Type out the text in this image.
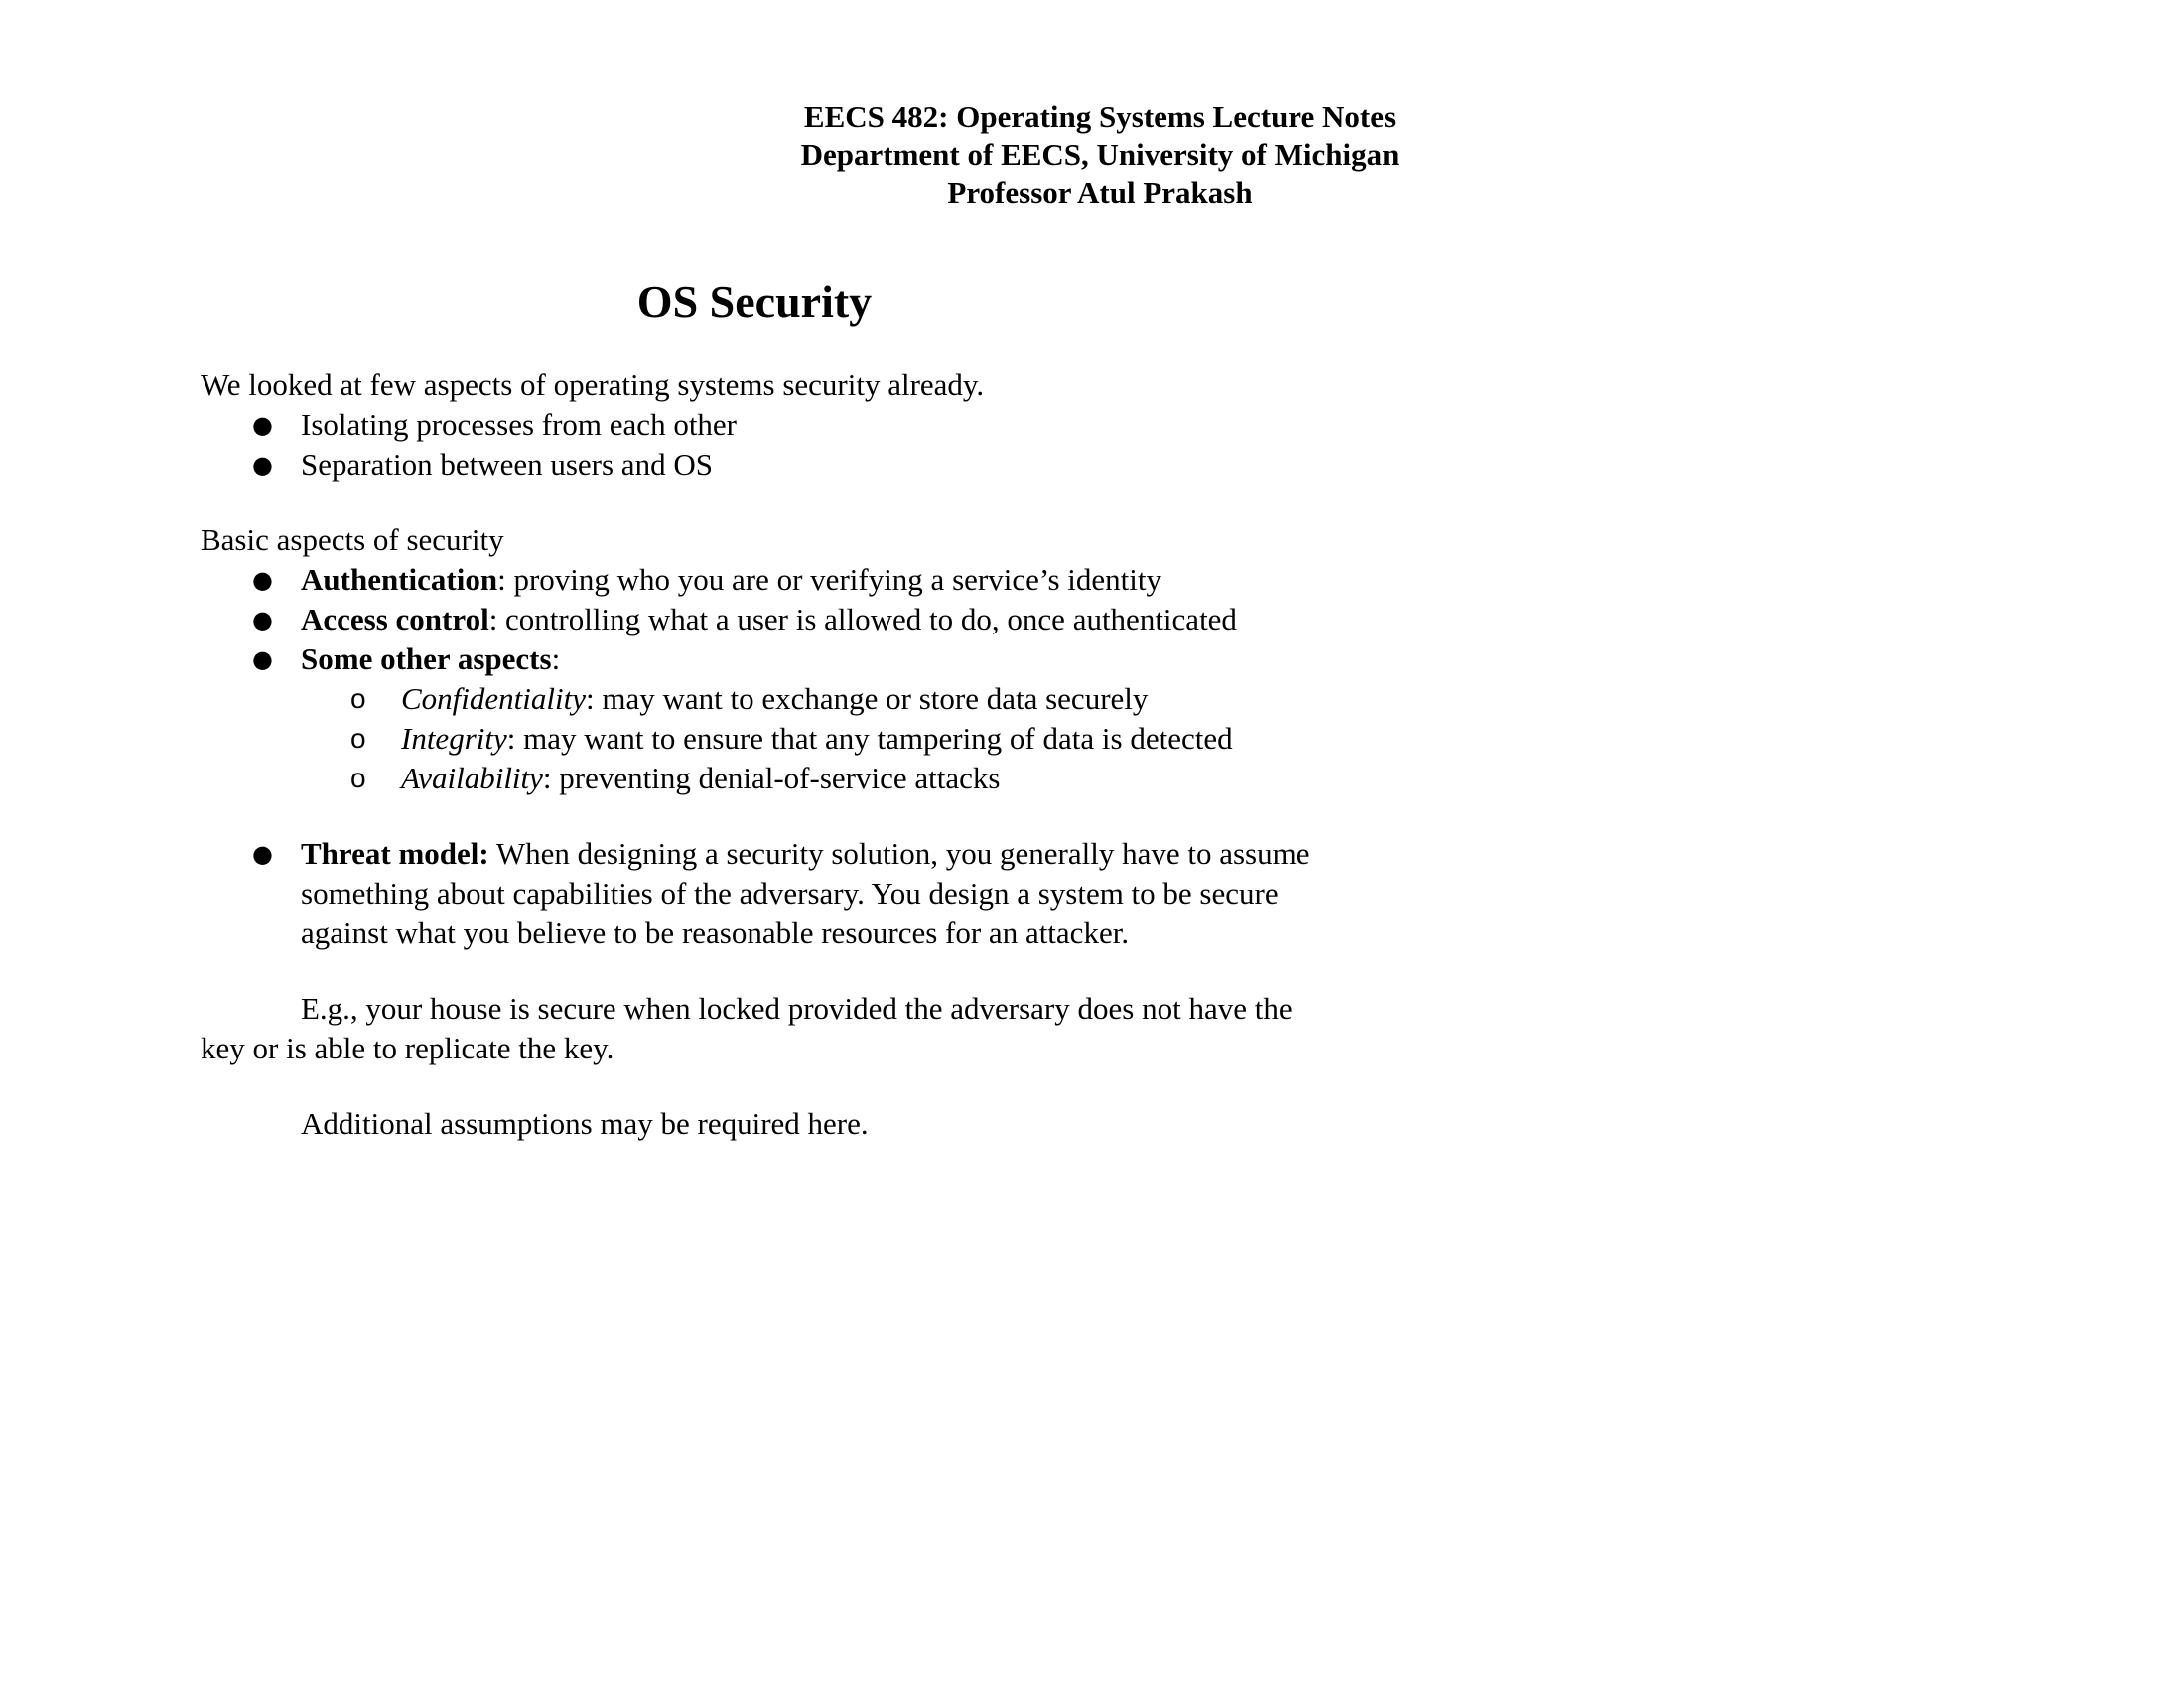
EECS 482: Operating Systems Lecture Notes
Department of EECS, University of Michigan
Professor Atul Prakash
OS Security

We looked at few aspects of operating systems security already.

● Isolating processes from each other
● Separation between users and OS

Basic aspects of security

● Authentication: proving who you are or verifying a service’s identity
● Access control: controlling what a user is allowed to do, once authenticated
● Some other aspects:
o	Confidentiality: may want to exchange or store data securely
o	Integrity: may want to ensure that any tampering of data is detected
o	Availability: preventing denial-of-service attacks
● Threat model: When designing a security solution, you generally have to assume something about capabilities of the adversary. You design a system to be secure against what you believe to be reasonable resources for an attacker.

E.g., your house is secure when locked provided the adversary does not have the key or is able to replicate the key.

Additional assumptions may be required here.
